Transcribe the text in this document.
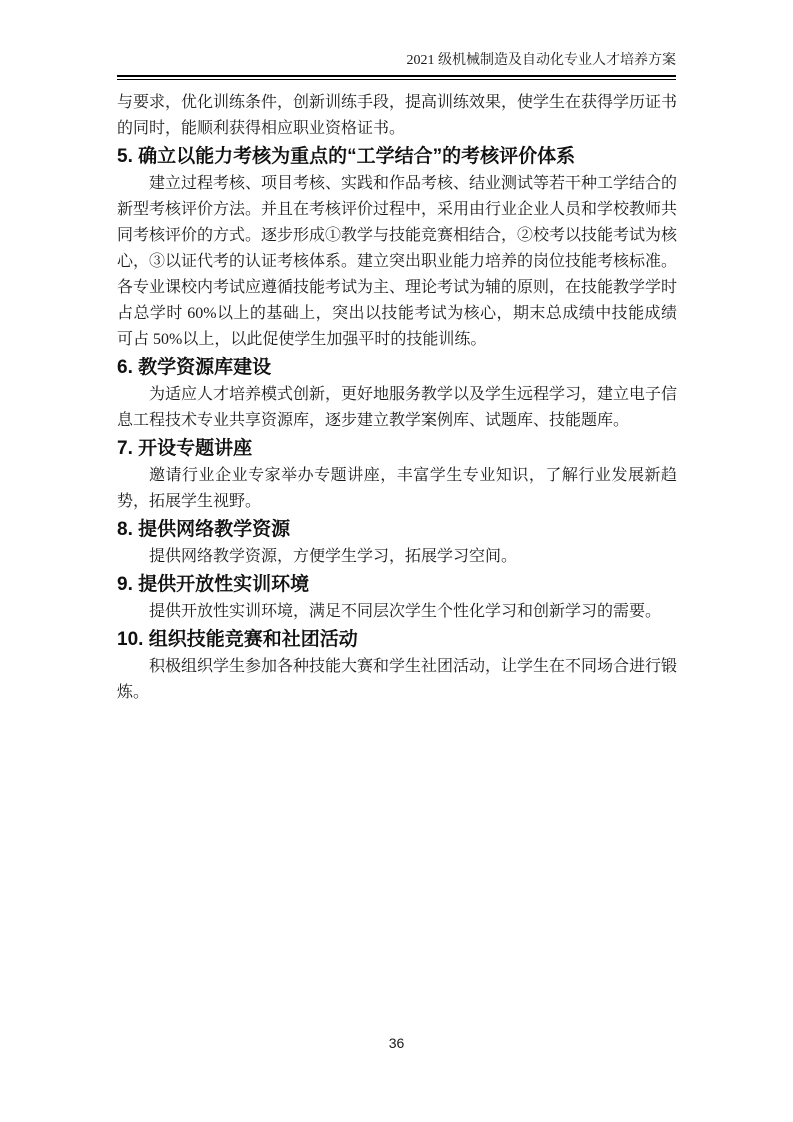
2021 级机械制造及自动化专业人才培养方案

与要求，优化训练条件，创新训练手段，提高训练效果，使学生在获得学历证书的同时，能顺利获得相应职业资格证书。

5. 确立以能力考核为重点的“工学结合”的考核评价体系

建立过程考核、项目考核、实践和作品考核、结业测试等若干种工学结合的新型考核评价方法。并且在考核评价过程中，采用由行业企业人员和学校教师共同考核评价的方式。逐步形成①教学与技能竞赛相结合，②校考以技能考试为核心，③以证代考的认证考核体系。建立突出职业能力培养的岗位技能考核标准。各专业课校内考试应遵循技能考试为主、理论考试为辅的原则，在技能教学学时占总学时 60%以上的基础上，突出以技能考试为核心，期末总成绩中技能成绩可占 50%以上，以此促使学生加强平时的技能训练。

6. 教学资源库建设

为适应人才培养模式创新，更好地服务教学以及学生远程学习，建立电子信息工程技术专业共享资源库，逐步建立教学案例库、试题库、技能题库。

7. 开设专题讲座

邀请行业企业专家举办专题讲座，丰富学生专业知识，了解行业发展新趋势，拓展学生视野。

8. 提供网络教学资源

提供网络教学资源，方便学生学习，拓展学习空间。

9. 提供开放性实训环境

提供开放性实训环境，满足不同层次学生个性化学习和创新学习的需要。

10. 组织技能竞赛和社团活动

积极组织学生参加各种技能大赛和学生社团活动，让学生在不同场合进行锻炼。

36
